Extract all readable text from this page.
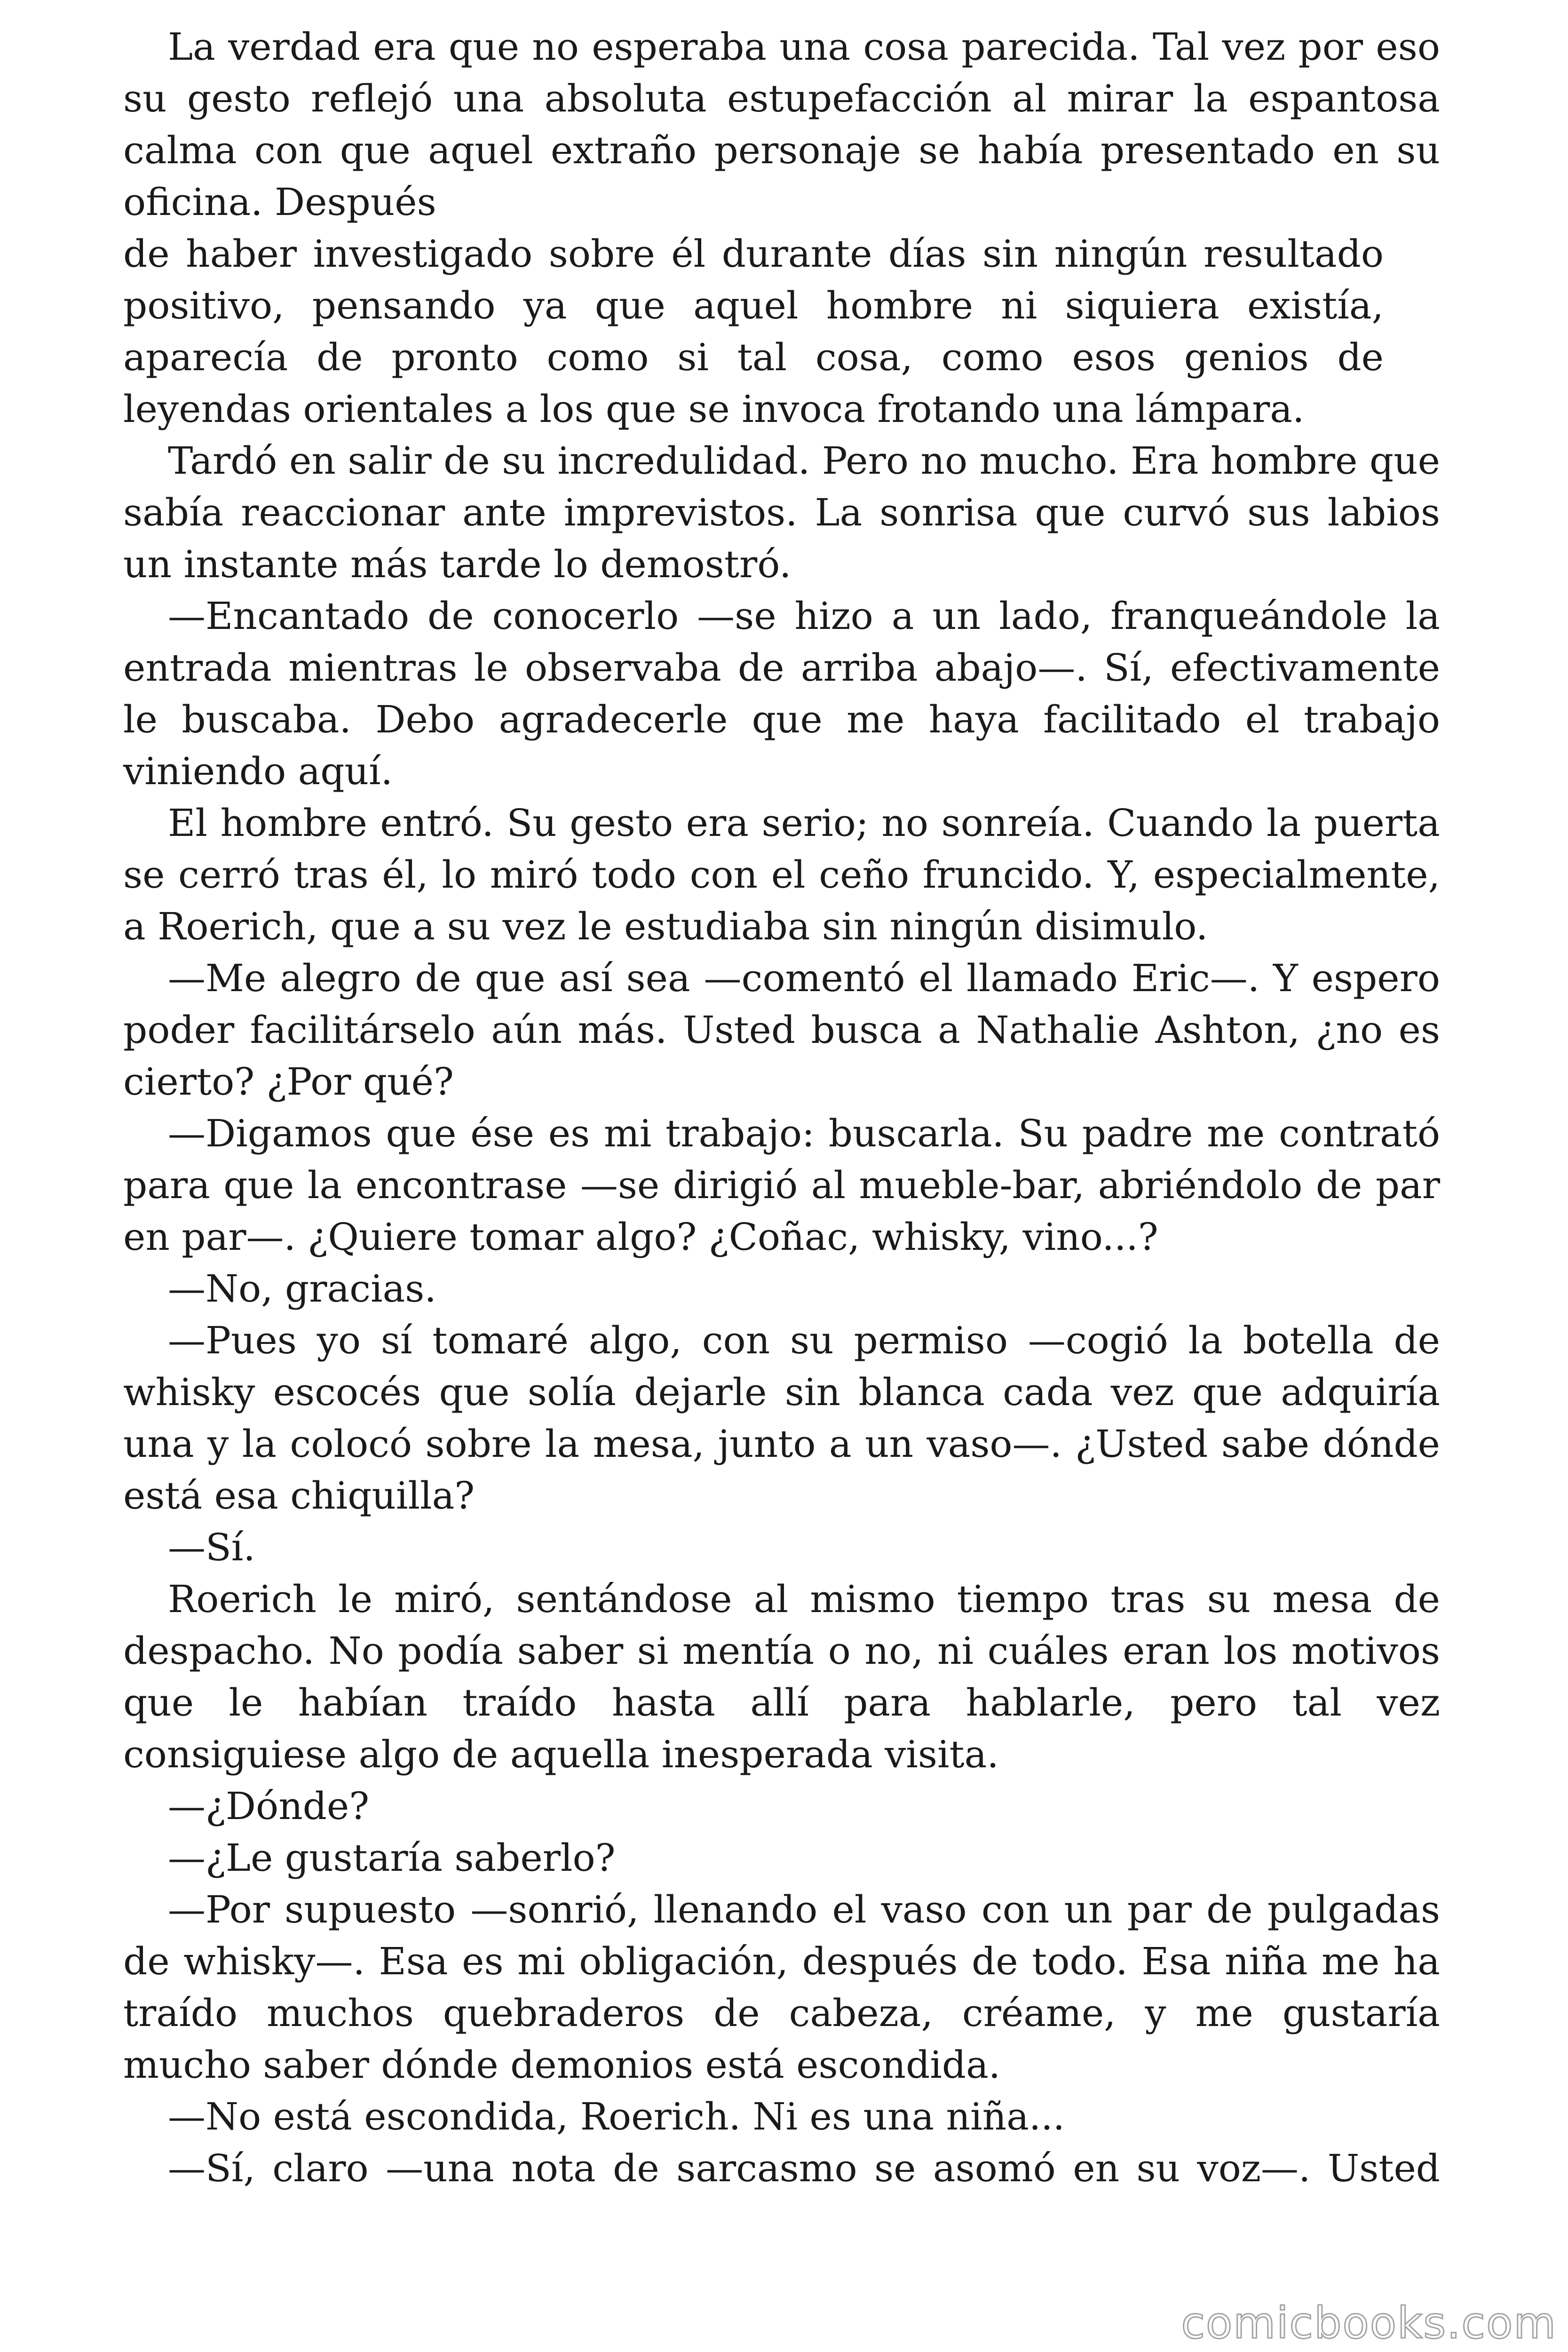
La verdad era que no esperaba una cosa parecida. Tal vez por eso su gesto reflejó una absoluta estupefacción al mirar la espantosa calma con que aquel extraño personaje se había presentado en su oficina. Después

de haber investigado sobre él durante días sin ningún resultado positivo, pensando ya que aquel hombre ni siquiera existía, aparecía de pronto como si tal cosa, como esos genios de leyendas orientales a los que se invoca frotando una lámpara.

Tardó en salir de su incredulidad. Pero no mucho. Era hombre que sabía reaccionar ante imprevistos. La sonrisa que curvó sus labios un instante más tarde lo demostró.

—Encantado de conocerlo —se hizo a un lado, franqueándole la entrada mientras le observaba de arriba abajo—. Sí, efectivamente le buscaba. Debo agradecerle que me haya facilitado el trabajo viniendo aquí.

El hombre entró. Su gesto era serio; no sonreía. Cuando la puerta se cerró tras él, lo miró todo con el ceño fruncido. Y, especialmente, a Roerich, que a su vez le estudiaba sin ningún disimulo.

—Me alegro de que así sea —comentó el llamado Eric—. Y espero poder facilitárselo aún más. Usted busca a Nathalie Ashton, ¿no es cierto? ¿Por qué?

—Digamos que ése es mi trabajo: buscarla. Su padre me contrató para que la encontrase —se dirigió al mueble-bar, abriéndolo de par en par—. ¿Quiere tomar algo? ¿Coñac, whisky, vino...?

—No, gracias.

—Pues yo sí tomaré algo, con su permiso —cogió la botella de whisky escocés que solía dejarle sin blanca cada vez que adquiría una y la colocó sobre la mesa, junto a un vaso—. ¿Usted sabe dónde está esa chiquilla?

—Sí.

Roerich le miró, sentándose al mismo tiempo tras su mesa de despacho. No podía saber si mentía o no, ni cuáles eran los motivos que le habían traído hasta allí para hablarle, pero tal vez consiguiese algo de aquella inesperada visita.

—¿Dónde?

—¿Le gustaría saberlo?

—Por supuesto —sonrió, llenando el vaso con un par de pulgadas de whisky—. Esa es mi obligación, después de todo. Esa niña me ha traído muchos quebraderos de cabeza, créame, y me gustaría mucho saber dónde demonios está escondida.

—No está escondida, Roerich. Ni es una niña...

—Sí, claro —una nota de sarcasmo se asomó en su voz—. Usted

comicbooks.com
